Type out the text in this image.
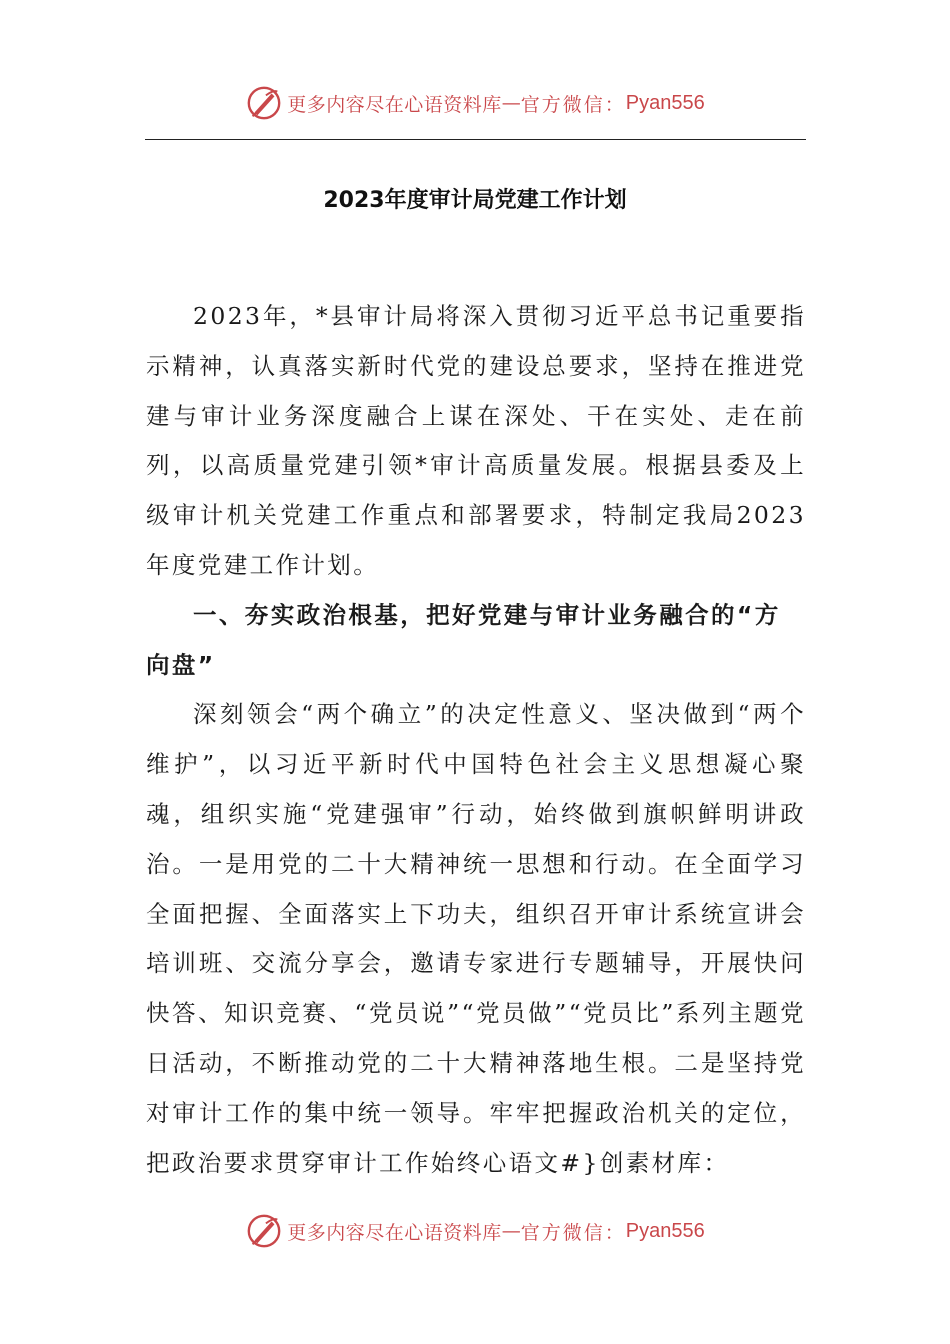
更多内容尽在心语资料库 — 官方微信： Pyan556
2023年度审计局党建工作计划

2023年，*县审计局将深入贯彻习近平总书记重要指示精神，认真落实新时代党的建设总要求，坚持在推进党建与审计业务深度融合上谋在深处、干在实处、走在前列，以高质量党建引领*审计高质量发展。根据县委及上级审计机关党建工作重点和部署要求，特制定我局2023年度党建工作计划。

一、夯实政治根基，把好党建与审计业务融合的“方向盘”

深刻领会“两个确立”的决定性意义、坚决做到“两个维护”，以习近平新时代中国特色社会主义思想凝心聚魂，组织实施“党建强审”行动，始终做到旗帜鲜明讲政治。一是用党的二十大精神统一思想和行动。在全面学习全面把握、全面落实上下功夫，组织召开审计系统宣讲会培训班、交流分享会，邀请专家进行专题辅导，开展快问快答、知识竞赛、“党员说”“党员做”“党员比”系列主题党日活动，不断推动党的二十大精神落地生根。二是坚持党对审计工作的集中统一领导。牢牢把握政治机关的定位，把政治要求贯穿审计工作始终心语文#}创素材库：

更多内容尽在心语资料库 — 官方微信： Pyan556
